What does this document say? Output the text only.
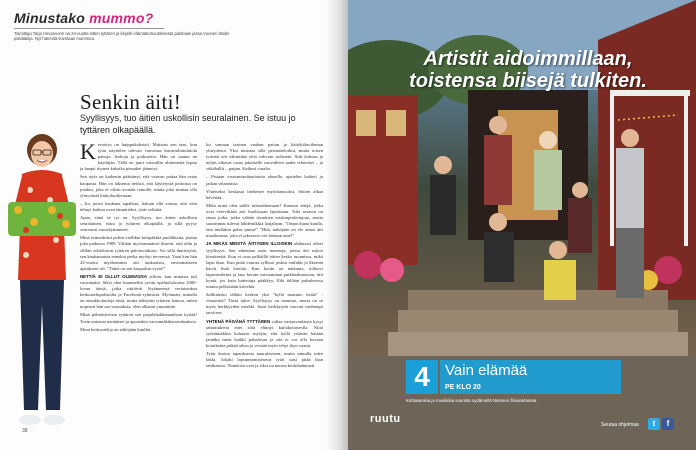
Minustako mummo?
Toimittaja Tarja Hirvanvonn oa 24-vuotta sitten tyttären ja kirjoitti elämäänmuutoksesta palstaasi jassa Vuonen läsitin päivääkija. Nyt hänestä leivotaan mummoa.
Senkin äiti!
Syyllisyys, tuo äitien uskollisin seuralainen. Se istuu jo tyttären olkapäällä.

Kertoitys on huippukokeisti. Muistan sen taas, kun tytär näyttelee talevan vauvansa kuvamiliniuluiola paitoja, leokoja ja potkuretta. Hän on saanut ne käyttäjän. Tällä on juuri vanvallin ohittaneita lapsia ja haapit tityneä kuksika pienakei jäänetyt.

Sen tytär on katkenin päättänyt, että vauvan paitaa hän ostaa kaupasta. Hän on laksenut netistä, että käytetystä paitoista on jotakin, joka ei olisin avuuda remolle, mutta joka muttaa olla ylmyönsiä kättyiluoilernaan.

– Jos joisin kaukana tapahtuu, haluan olla varma, että olen tehnyt kaiken oven tännärieksi, tytär selittää.

Apua, siinä se tyt on. Syyllisyys, tuo äitien uskollisin seuralainen, istuu jo tyttären olkapäällä, ja sillä pyysy seuraavat vuosikymmenet.

Minä esimerkiksi poltin viellikin kesipäkkiä puolikkaita, joulua joka paikassa 1989. Välitän myösimmäiset ilmesti, että oliin ja sillkin odoteltavat tyttären päiväsvaikiasi. Voi sillä ihmistyötä, sen kaukamaista ennekut perka myötyi terveessä. Vaan kun hän 22-vuotta myöhemmin otti taukoaisin, ensimmäiseen ajatukseni oli: "Tämä on sen kuopalsin syytä!"

NETTIÄ EI OLLUT OLEMASSA silloin, kun minusta tuli vauvanakä. Siksi olen kuunnellut syvän epäluulolasena 2000-luvun äitejä, jotka väittävät löytäneensä vertaistukea keskustelupalstoilta ja Facebook-ryhmistä. Myönnän, minulla on ennakkoluuloja tästä, mutta nähtyäni tyttären kanssa, miten nopeasti hän saa vastauksia, olen alkanut ymmärtää.

Minä pöhnäsiveisin tyttären sen paijalahakkamanboat kyttää! Tosin muistan mentäiset ja apostakin vauvamäkikaronahauksia.

Moni keskustelija on näköjään kuullut.

lut samaan tarinan vauhan pattan ja kättykäluoileman yhteydestä. Yksi muistaa sille periaatteloihin, mutta toisen tyrmää sen vähintään yhtä vahvoin todistein. Siiti kolmas ja neljäs alkavat ostaa jokaiselle vauvalleen uudet tekiteiset – ja sitkähallii – patjan. Kaikesi varalta.

– Pistaan vauvansanitaatioutta alueelle, ajattelen kaiketi ja jatkan selaamista.

Yhteiseksi keskusta lindsesee myötitansioksi. Siitten alkaa hävettää.

Mikä minä olen näille tuhotalitemaan? Kunnon äitejä, jotka ovat vereviltään asti huolissaan lapsistaan. Toki sesassa on sinan jotka, jotka välään törnärien toisiimpiolettujota, mutta suurimmat tulevat lähdeniikkiä laajaltaan. "Ompa ihana kuulla, että mullakin palaa pinna!" "Huh, näköjään en ole ainoa äiti maailmassa, joka ei jakseavoi vie laetuun aine!"

JA MIKÄS MEISTÄ ÄITIYDEN ILLOISKIN uhdotaisi olleet syyllisyys. Sen aiheuttaa usen mennoja, joissa äiti uskoo kiertäneitä. Kun ei osaa pelkäillä äitien kesko tuonnissa, mikä lapsi ikuo. Kun pitää vauvaa syllissä joskus enilidäs ja ilkeestä kärsii lisää kiertää. Kun kotiin on nätkama, tolikavi lapsenvahtina ja laas kerran turvautuaan parkkaakuonoon, äiti kyntä, jos kuin huttetopa pääkkyy. Eiki tällään palsuksessa tuntuu pelkästään kiivehtä.

Sallittaisko tälläin kesken yksi "kyllä mammo tietää" -vinaavätä? Tässä tulee: Syyllisyys on mauttua, mutta on se myös herkkyyden merkki. Juuri herkkyyttä vauvan vanhempi tarvitsee.

YHTENÄ PÄIVÄNÄ TYTTÄREN vallaa vastaavanlaista kysyi tahrattukerta ettei siitä ehtinyt kuilakotoiseslla. Niitä syöttämäkkin kohaasti myöjin, että kyllä ystävän kätään jannika meni kaikki puhalosaa ja sitä ei voi olla kovaan kotoikenta pitkää aikaa ja veistää myös tehyi tkyn vaatin.

Tytär kertoo tapauksesta naurulasseen, mutta minulla tulee lakki. Jokaki lapsunnomisetavat tytöt saisi pitää ihan omikesma. Viimeisin ovat ja siksi on nuoria keskihahnrasti.

38
Artistit aidoimmillaan,
toistensa biisejä tulkiten.
4	Vain elämää
PE KLO 20
Kohtaamisia ja musiikkia suurista sydämellä Nelonen.fi/vainelamaa
ruutu	Seuraa ohjelmaa	t	f
